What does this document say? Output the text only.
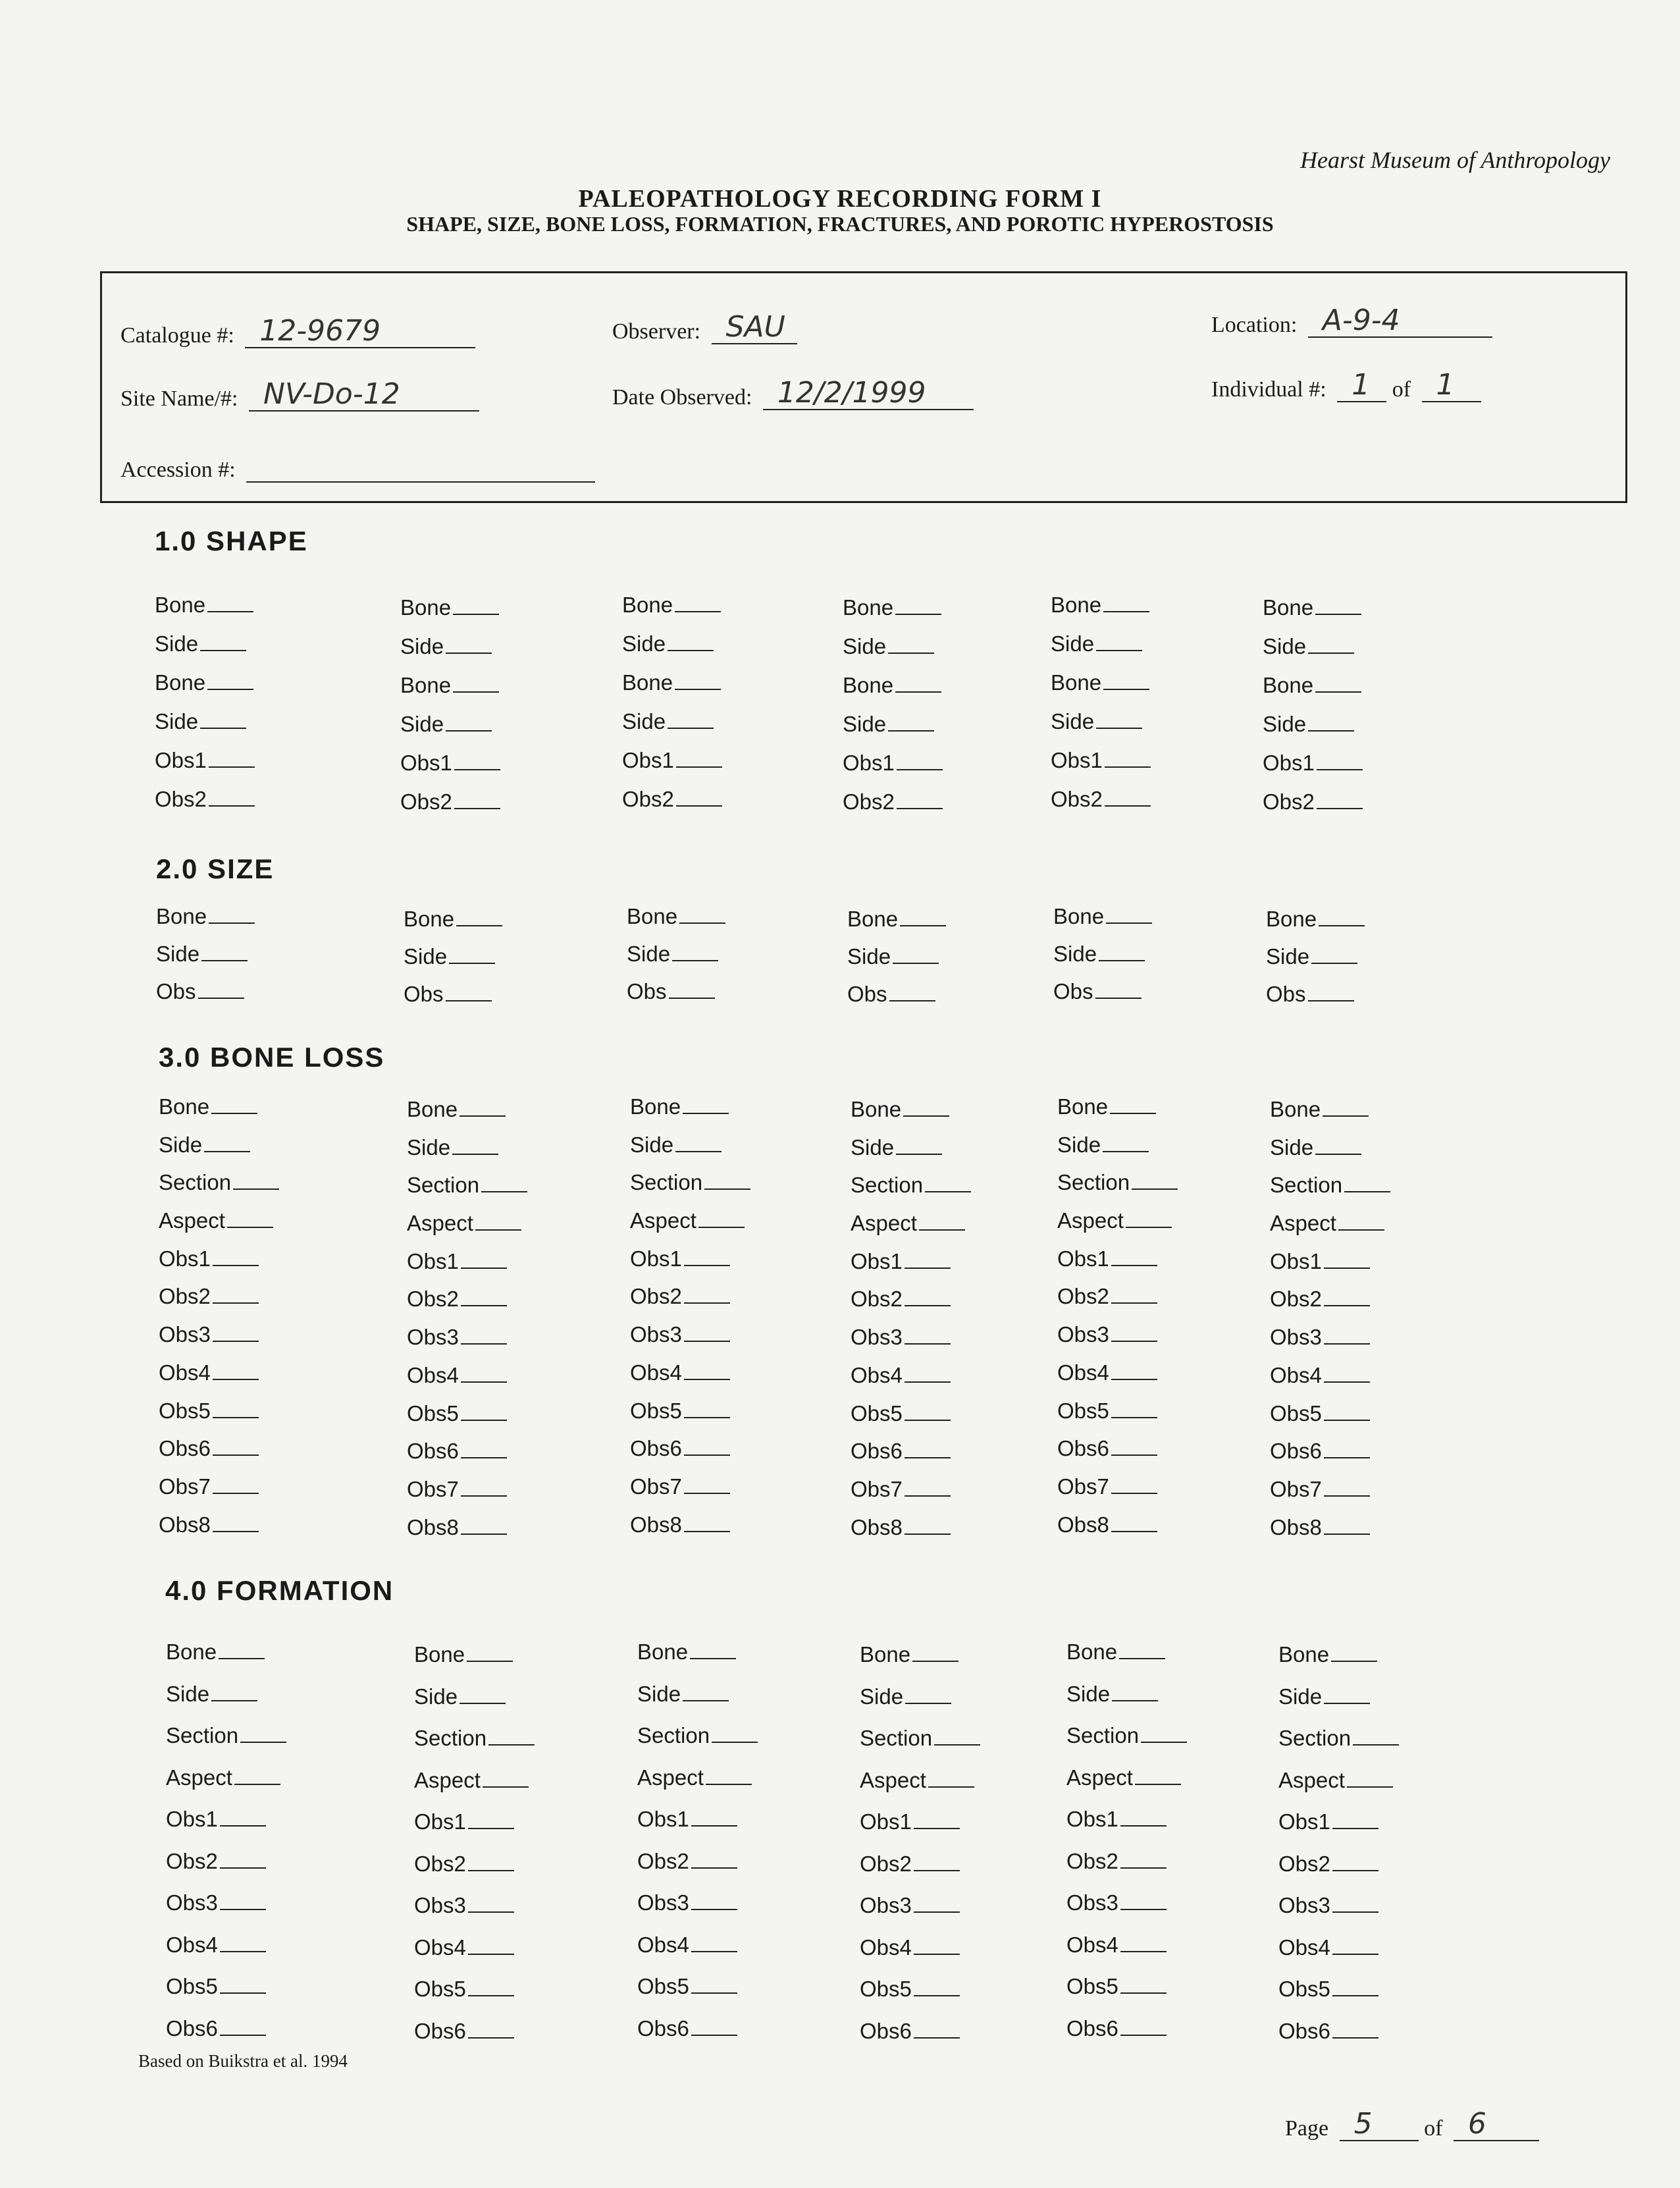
Hearst Museum of Anthropology
PALEOPATHOLOGY RECORDING FORM I
SHAPE, SIZE, BONE LOSS, FORMATION, FRACTURES, AND POROTIC HYPEROSTOSIS
Catalogue #: 12-9679
Site Name/#: NV-Do-12
Accession #:
Observer: SAU
Date Observed: 12/2/1999
Location: A-9-4
Individual #: 1 of 1
1.0 SHAPE
2.0 SIZE
3.0 BONE LOSS
4.0 FORMATION
Bone
Side
Bone
Side
Obs1
Obs2
Bone
Side
Bone
Side
Obs1
Obs2
Bone
Side
Bone
Side
Obs1
Obs2
Bone
Side
Bone
Side
Obs1
Obs2
Bone
Side
Bone
Side
Obs1
Obs2
Bone
Side
Bone
Side
Obs1
Obs2
Bone
Side
Obs
Bone
Side
Obs
Bone
Side
Obs
Bone
Side
Obs
Bone
Side
Obs
Bone
Side
Obs
Bone
Side
Section
Aspect
Obs1
Obs2
Obs3
Obs4
Obs5
Obs6
Obs7
Obs8
Bone
Side
Section
Aspect
Obs1
Obs2
Obs3
Obs4
Obs5
Obs6
Obs7
Obs8
Bone
Side
Section
Aspect
Obs1
Obs2
Obs3
Obs4
Obs5
Obs6
Obs7
Obs8
Bone
Side
Section
Aspect
Obs1
Obs2
Obs3
Obs4
Obs5
Obs6
Obs7
Obs8
Bone
Side
Section
Aspect
Obs1
Obs2
Obs3
Obs4
Obs5
Obs6
Obs7
Obs8
Bone
Side
Section
Aspect
Obs1
Obs2
Obs3
Obs4
Obs5
Obs6
Obs7
Obs8
Bone
Side
Section
Aspect
Obs1
Obs2
Obs3
Obs4
Obs5
Obs6
Bone
Side
Section
Aspect
Obs1
Obs2
Obs3
Obs4
Obs5
Obs6
Bone
Side
Section
Aspect
Obs1
Obs2
Obs3
Obs4
Obs5
Obs6
Bone
Side
Section
Aspect
Obs1
Obs2
Obs3
Obs4
Obs5
Obs6
Bone
Side
Section
Aspect
Obs1
Obs2
Obs3
Obs4
Obs5
Obs6
Bone
Side
Section
Aspect
Obs1
Obs2
Obs3
Obs4
Obs5
Obs6
Based on Buikstra et al. 1994
Page 5 of 6
